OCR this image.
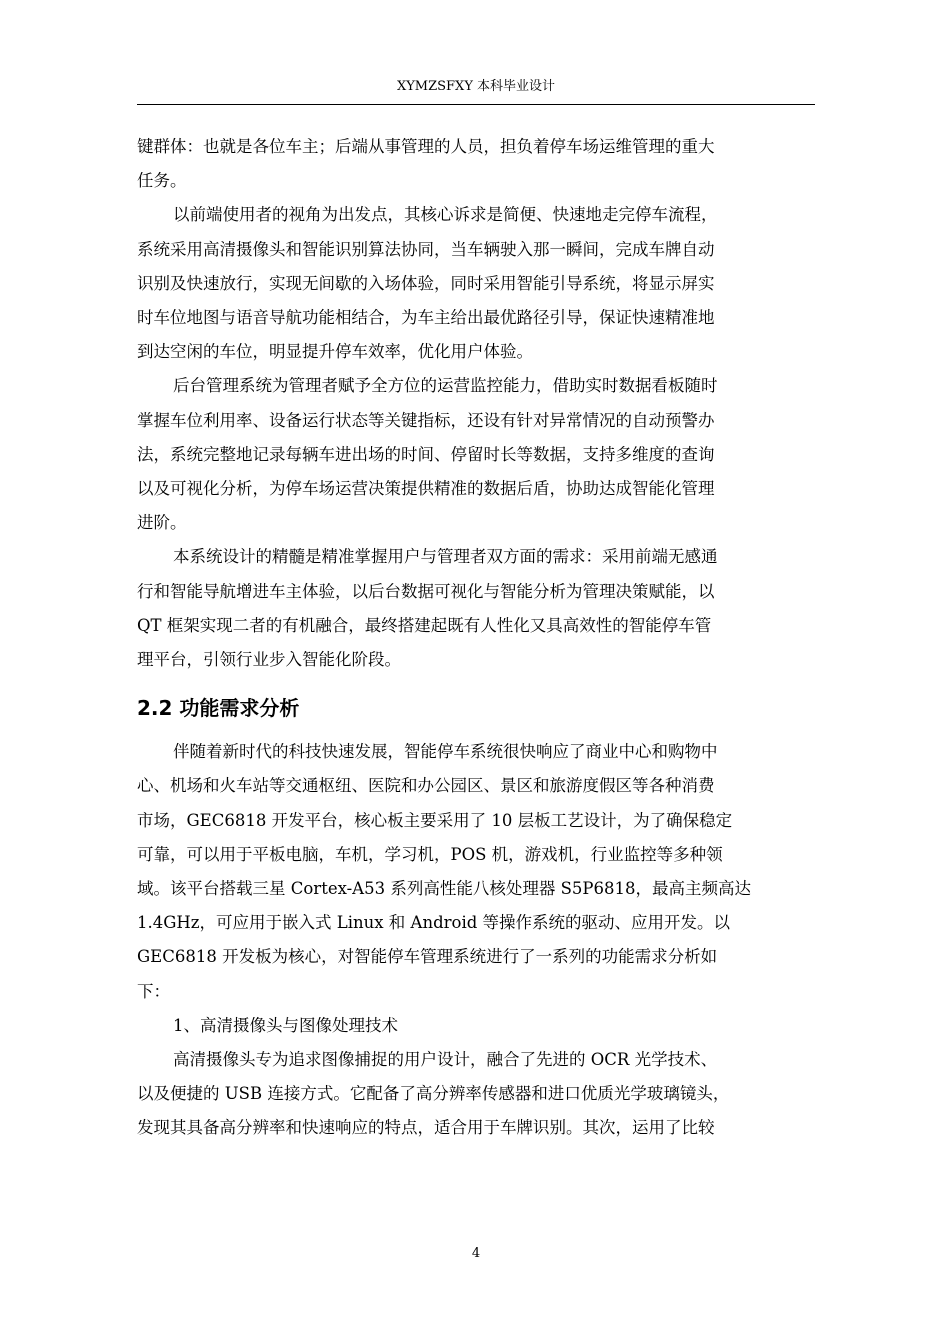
XYMZSFXY 本科毕业设计

键群体：也就是各位车主；后端从事管理的人员，担负着停车场运维管理的重大
任务。

以前端使用者的视角为出发点，其核心诉求是简便、快速地走完停车流程，
系统采用高清摄像头和智能识别算法协同，当车辆驶入那一瞬间，完成车牌自动
识别及快速放行，实现无间歇的入场体验，同时采用智能引导系统，将显示屏实
时车位地图与语音导航功能相结合，为车主给出最优路径引导，保证快速精准地
到达空闲的车位，明显提升停车效率，优化用户体验。

后台管理系统为管理者赋予全方位的运营监控能力，借助实时数据看板随时
掌握车位利用率、设备运行状态等关键指标，还设有针对异常情况的自动预警办
法，系统完整地记录每辆车进出场的时间、停留时长等数据，支持多维度的查询
以及可视化分析，为停车场运营决策提供精准的数据后盾，协助达成智能化管理
进阶。

本系统设计的精髓是精准掌握用户与管理者双方面的需求：采用前端无感通
行和智能导航增进车主体验，以后台数据可视化与智能分析为管理决策赋能，以
QT 框架实现二者的有机融合，最终搭建起既有人性化又具高效性的智能停车管
理平台，引领行业步入智能化阶段。

2.2 功能需求分析

伴随着新时代的科技快速发展，智能停车系统很快响应了商业中心和购物中
心、机场和火车站等交通枢纽、医院和办公园区、景区和旅游度假区等各种消费
市场，GEC6818 开发平台，核心板主要采用了 10 层板工艺设计，为了确保稳定
可靠，可以用于平板电脑，车机，学习机，POS 机，游戏机，行业监控等多种领
域。该平台搭载三星 Cortex-A53 系列高性能八核处理器 S5P6818，最高主频高达
1.4GHz，可应用于嵌入式 Linux 和 Android 等操作系统的驱动、应用开发。以
GEC6818 开发板为核心，对智能停车管理系统进行了一系列的功能需求分析如
下：

1、高清摄像头与图像处理技术

高清摄像头专为追求图像捕捉的用户设计，融合了先进的 OCR 光学技术、
以及便捷的 USB 连接方式。它配备了高分辨率传感器和进口优质光学玻璃镜头，
发现其具备高分辨率和快速响应的特点，适合用于车牌识别。其次，运用了比较

4
